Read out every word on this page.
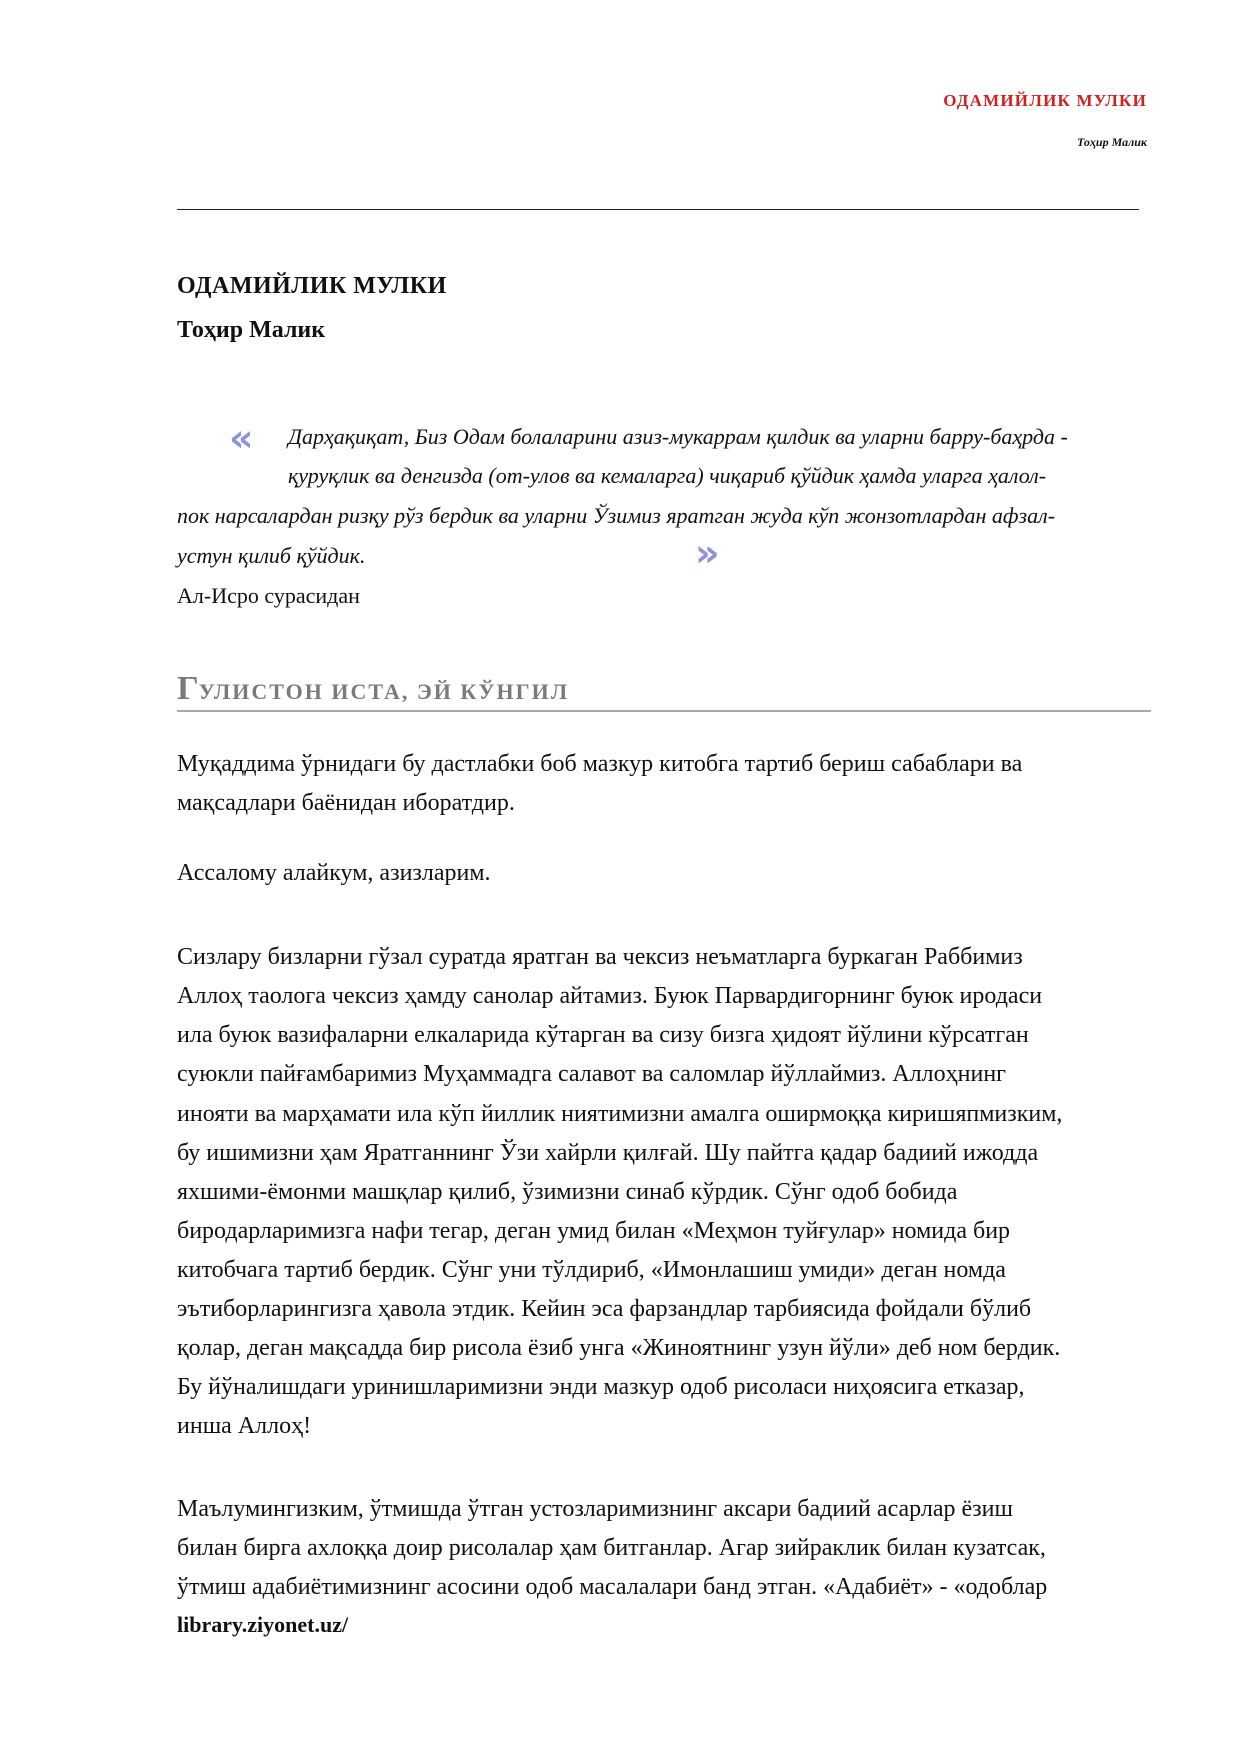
ОДАМИЙЛИК МУЛКИ
Тоҳир Малик
ОДАМИЙЛИК МУЛКИ
Тоҳир Малик
« Дарҳақиқат, Биз Одам болаларини азиз-мукаррам қилдик ва уларни барру-баҳрда -
қуруқлик ва денгизда (от-улов ва кемаларга) чиқариб қўйдик ҳамда уларга ҳалол-
пок нарсалардан ризқу рўз бердик ва уларни Ўзимиз яратган жуда кўп жонзотлардан афзал-
устун қилиб қўйдик.	»
Ал-Исро сурасидан
ГУЛИСТОН ИСТА, ЭЙ КЎНГИЛ
Муқаддима ўрнидаги бу дастлабки боб мазкур китобга тартиб бериш сабаблари ва
мақсадлари баёнидан иборатдир.
Ассалому алайкум, азизларим.
Сизлару бизларни гўзал суратда яратган ва чексиз неъматларга буркаган Раббимиз
Аллоҳ таолога чексиз ҳамду санолар айтамиз. Буюк Парвардигорнинг буюк иродаси
ила буюк вазифаларни елкаларида кўтарган ва сизу бизга ҳидоят йўлини кўрсатган
суюкли пайғамбаримиз Муҳаммадга салавот ва саломлар йўллаймиз. Аллоҳнинг
инояти ва марҳамати ила кўп йиллик ниятимизни амалга оширмоққа киришяпмизким,
бу ишимизни ҳам Яратганнинг Ўзи хайрли қилғай. Шу пайтга қадар бадиий ижодда
яхшими-ёмонми машқлар қилиб, ўзимизни синаб кўрдик. Сўнг одоб бобида
биродарларимизга нафи тегар, деган умид билан «Меҳмон туйғулар» номида бир
китобчага тартиб бердик. Сўнг уни тўлдириб, «Имонлашиш умиди» деган номда
эътиборларингизга ҳавола этдик. Кейин эса фарзандлар тарбиясида фойдали бўлиб
қолар, деган мақсадда бир рисола ёзиб унга «Жиноятнинг узун йўли» деб ном бердик.
Бу йўналишдаги уринишларимизни энди мазкур одоб рисоласи ниҳоясига етказар,
инша Аллоҳ!
Маълумингизким, ўтмишда ўтган устозларимизнинг аксари бадиий асарлар ёзиш
билан бирга ахлоққа доир рисолалар ҳам битганлар. Агар зийраклик билан кузатсак,
ўтмиш адабиётимизнинг асосини одоб масалалари банд этган. «Адабиёт» - «одоблар
library.ziyonet.uz/
